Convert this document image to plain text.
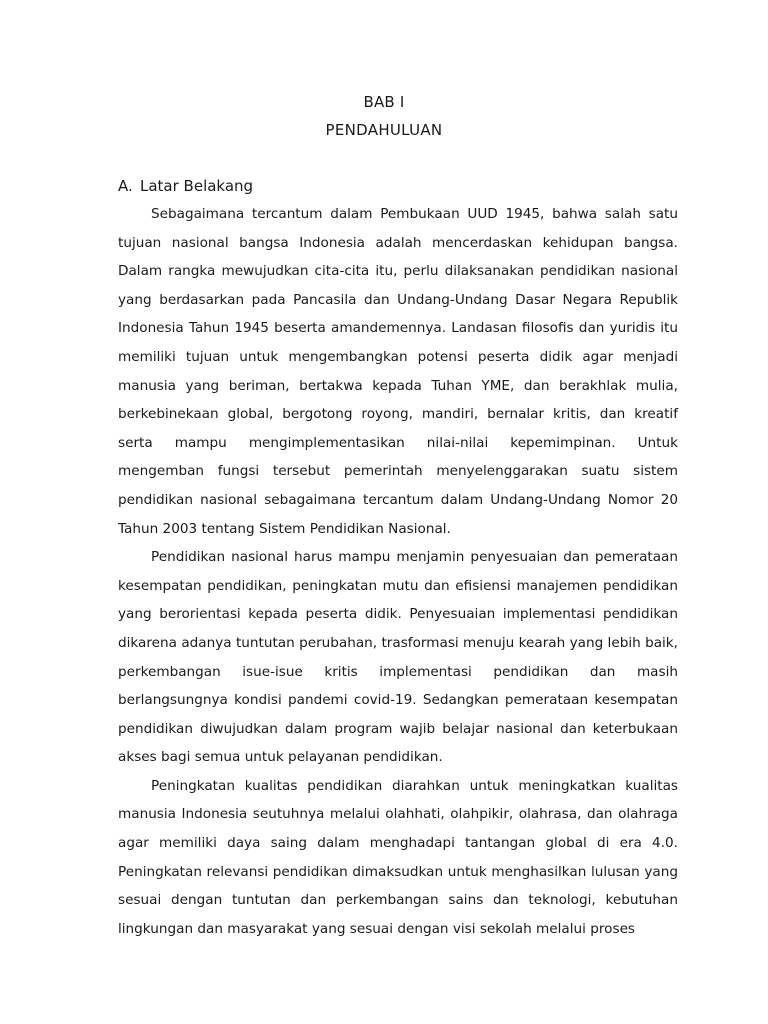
BAB I
PENDAHULUAN
A. Latar Belakang

Sebagaimana tercantum dalam Pembukaan UUD 1945, bahwa salah satu tujuan nasional bangsa Indonesia adalah mencerdaskan kehidupan bangsa. Dalam rangka mewujudkan cita-cita itu, perlu dilaksanakan pendidikan nasional yang berdasarkan pada Pancasila dan Undang-Undang Dasar Negara Republik Indonesia Tahun 1945 beserta amandemennya. Landasan filosofis dan yuridis itu memiliki tujuan untuk mengembangkan potensi peserta didik agar menjadi manusia yang beriman, bertakwa kepada Tuhan YME, dan berakhlak mulia, berkebinekaan global, bergotong royong, mandiri, bernalar kritis, dan kreatif serta mampu mengimplementasikan nilai-nilai kepemimpinan. Untuk mengemban fungsi tersebut pemerintah menyelenggarakan suatu sistem pendidikan nasional sebagaimana tercantum dalam Undang-Undang Nomor 20 Tahun 2003 tentang Sistem Pendidikan Nasional.

Pendidikan nasional harus mampu menjamin penyesuaian dan pemerataan kesempatan pendidikan, peningkatan mutu dan efisiensi manajemen pendidikan yang berorientasi kepada peserta didik. Penyesuaian implementasi pendidikan dikarena adanya tuntutan perubahan, trasformasi menuju kearah yang lebih baik, perkembangan isue-isue kritis implementasi pendidikan dan masih berlangsungnya kondisi pandemi covid-19. Sedangkan pemerataan kesempatan pendidikan diwujudkan dalam program wajib belajar nasional dan keterbukaan akses bagi semua untuk pelayanan pendidikan.

Peningkatan kualitas pendidikan diarahkan untuk meningkatkan kualitas manusia Indonesia seutuhnya melalui olahhati, olahpikir, olahrasa, dan olahraga agar memiliki daya saing dalam menghadapi tantangan global di era 4.0. Peningkatan relevansi pendidikan dimaksudkan untuk menghasilkan lulusan yang sesuai dengan tuntutan dan perkembangan sains dan teknologi, kebutuhan lingkungan dan masyarakat yang sesuai dengan visi sekolah melalui proses
